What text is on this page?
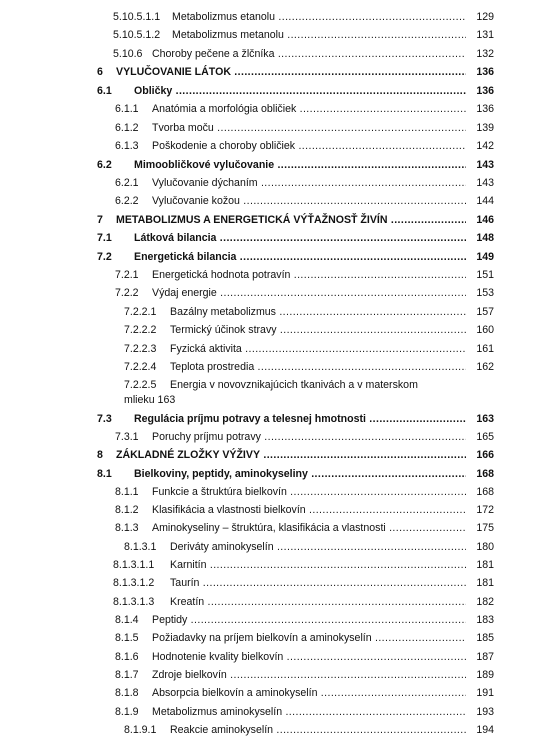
5.10.5.1.1 Metabolizmus etanolu .....	129
5.10.5.1.2 Metabolizmus metanolu .....	131
5.10.6 Choroby pečene a žlčníka .....	132
6 VYLUČOVANIE LÁTOK .....	136
6.1 Obličky .....	136
6.1.1 Anatómia a morfológia obličiek .....	136
6.1.2 Tvorba moču .....	139
6.1.3 Poškodenie a choroby obličiek .....	142
6.2 Mimoobličkové vylučovanie .....	143
6.2.1 Vylučovanie dýchaním .....	143
6.2.2 Vylučovanie kožou .....	144
7 METABOLIZMUS A ENERGETICKÁ VÝŤAŽNOSŤ ŽIVÍN .....	146
7.1 Látková bilancia .....	148
7.2 Energetická bilancia .....	149
7.2.1 Energetická hodnota potravín .....	151
7.2.2 Výdaj energie .....	153
7.2.2.1 Bazálny metabolizmus .....	157
7.2.2.2 Termický účinok stravy .....	160
7.2.2.3 Fyzická aktivita .....	161
7.2.2.4 Teplota prostredia .....	162
7.2.2.5 Energia v novovznikajúcich tkanivách a v materskom
mlieku 163
7.3 Regulácia príjmu potravy a telesnej hmotnosti .....	163
7.3.1 Poruchy príjmu potravy .....	165
8 ZÁKLADNÉ ZLOŽKY VÝŽIVY .....	166
8.1 Bielkoviny, peptidy, aminokyseliny .....	168
8.1.1 Funkcie a štruktúra bielkovín .....	168
8.1.2 Klasifikácia a vlastnosti bielkovín .....	172
8.1.3 Aminokyseliny – štruktúra, klasifikácia a vlastnosti .....	175
8.1.3.1 Deriváty aminokyselín .....	180
8.1.3.1.1 Karnitín .....	181
8.1.3.1.2 Taurín .....	181
8.1.3.1.3 Kreatín .....	182
8.1.4 Peptidy .....	183
8.1.5 Požiadavky na príjem bielkovín a aminokyselín .....	185
8.1.6 Hodnotenie kvality bielkovín .....	187
8.1.7 Zdroje bielkovín .....	189
8.1.8 Absorpcia bielkovín a aminokyselín .....	191
8.1.9 Metabolizmus aminokyselín .....	193
8.1.9.1 Reakcie aminokyselín .....	194
